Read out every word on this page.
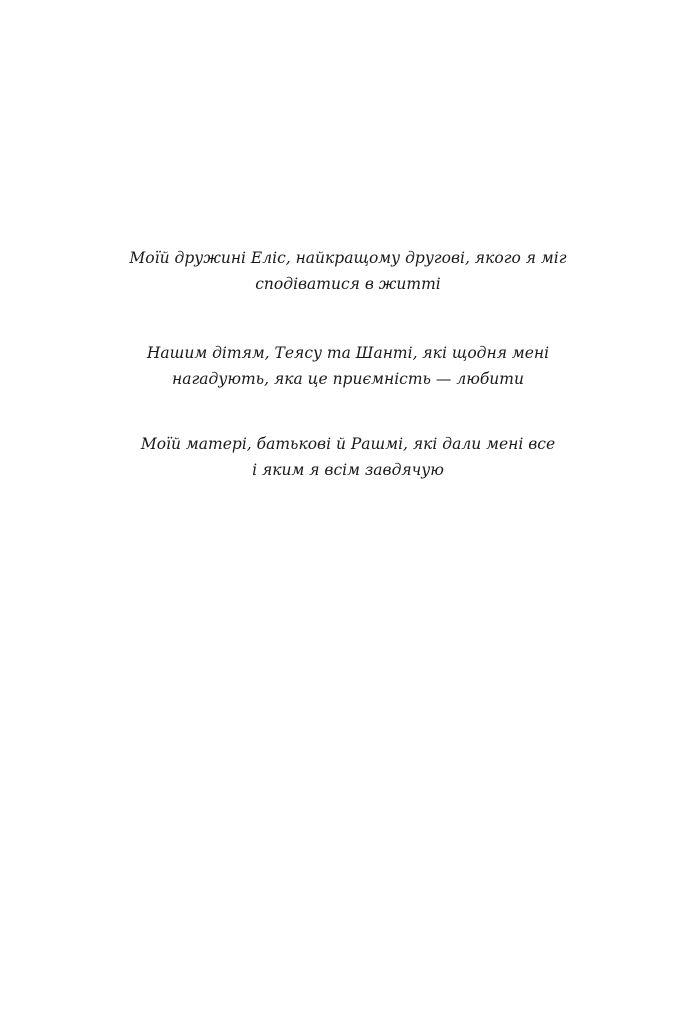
Моїй дружині Еліс, найкращому другові, якого я міг
сподіватися в житті
Нашим дітям, Теясу та Шанті, які щодня мені
нагадують, яка це приємність — любити
Моїй матері, батькові й Рашмі, які дали мені все
і яким я всім завдячую
